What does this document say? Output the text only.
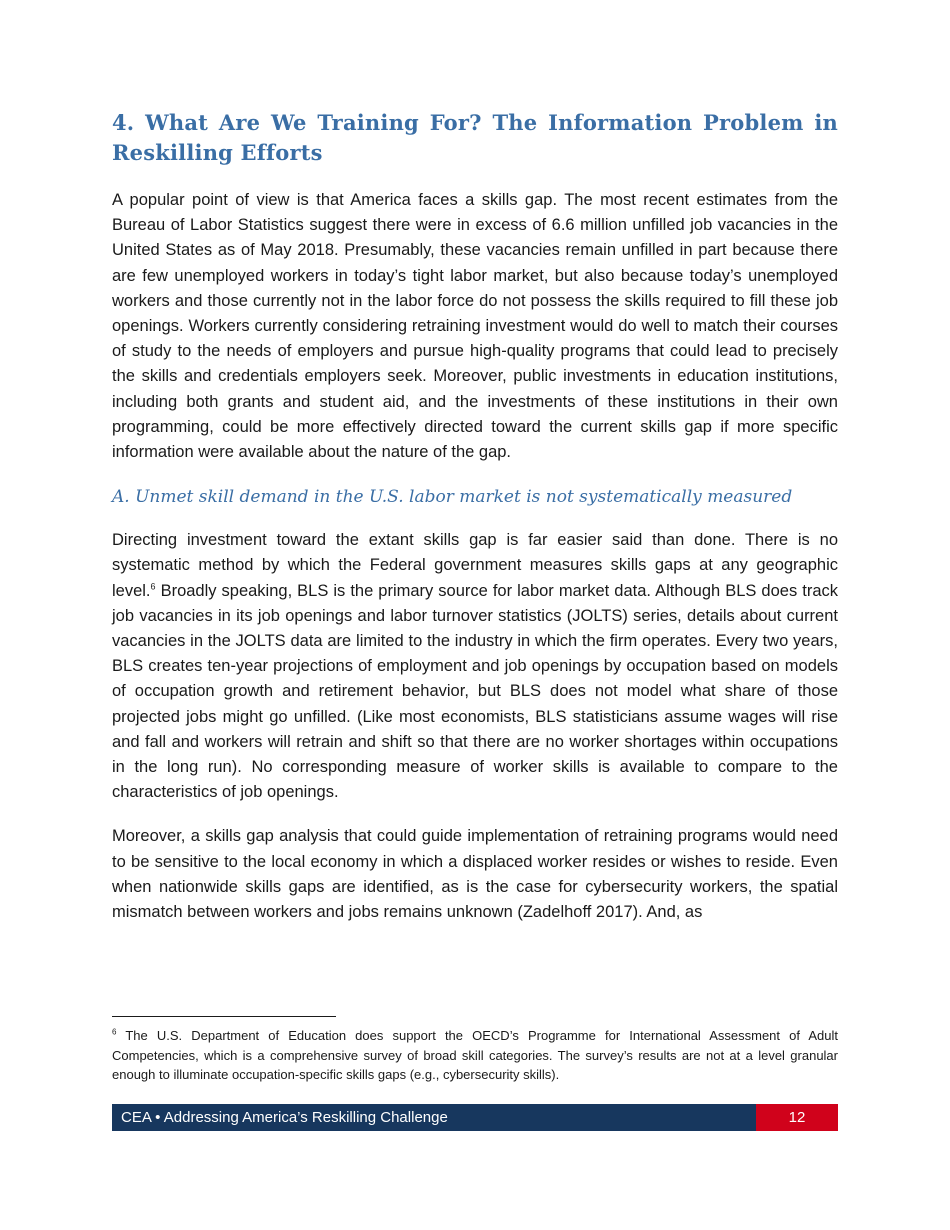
4. What Are We Training For? The Information Problem in Reskilling Efforts

A popular point of view is that America faces a skills gap. The most recent estimates from the Bureau of Labor Statistics suggest there were in excess of 6.6 million unfilled job vacancies in the United States as of May 2018. Presumably, these vacancies remain unfilled in part because there are few unemployed workers in today’s tight labor market, but also because today’s unemployed workers and those currently not in the labor force do not possess the skills required to fill these job openings. Workers currently considering retraining investment would do well to match their courses of study to the needs of employers and pursue high-quality programs that could lead to precisely the skills and credentials employers seek. Moreover, public investments in education institutions, including both grants and student aid, and the investments of these institutions in their own programming, could be more effectively directed toward the current skills gap if more specific information were available about the nature of the gap.

A. Unmet skill demand in the U.S. labor market is not systematically measured

Directing investment toward the extant skills gap is far easier said than done. There is no systematic method by which the Federal government measures skills gaps at any geographic level.$^6$ Broadly speaking, BLS is the primary source for labor market data. Although BLS does track job vacancies in its job openings and labor turnover statistics (JOLTS) series, details about current vacancies in the JOLTS data are limited to the industry in which the firm operates. Every two years, BLS creates ten-year projections of employment and job openings by occupation based on models of occupation growth and retirement behavior, but BLS does not model what share of those projected jobs might go unfilled. (Like most economists, BLS statisticians assume wages will rise and fall and workers will retrain and shift so that there are no worker shortages within occupations in the long run). No corresponding measure of worker skills is available to compare to the characteristics of job openings.

Moreover, a skills gap analysis that could guide implementation of retraining programs would need to be sensitive to the local economy in which a displaced worker resides or wishes to reside. Even when nationwide skills gaps are identified, as is the case for cybersecurity workers, the spatial mismatch between workers and jobs remains unknown (Zadelhoff 2017). And, as

$^6$ The U.S. Department of Education does support the OECD’s Programme for International Assessment of Adult Competencies, which is a comprehensive survey of broad skill categories. The survey’s results are not at a level granular enough to illuminate occupation-specific skills gaps (e.g., cybersecurity skills).
CEA • Addressing America’s Reskilling Challenge	12
